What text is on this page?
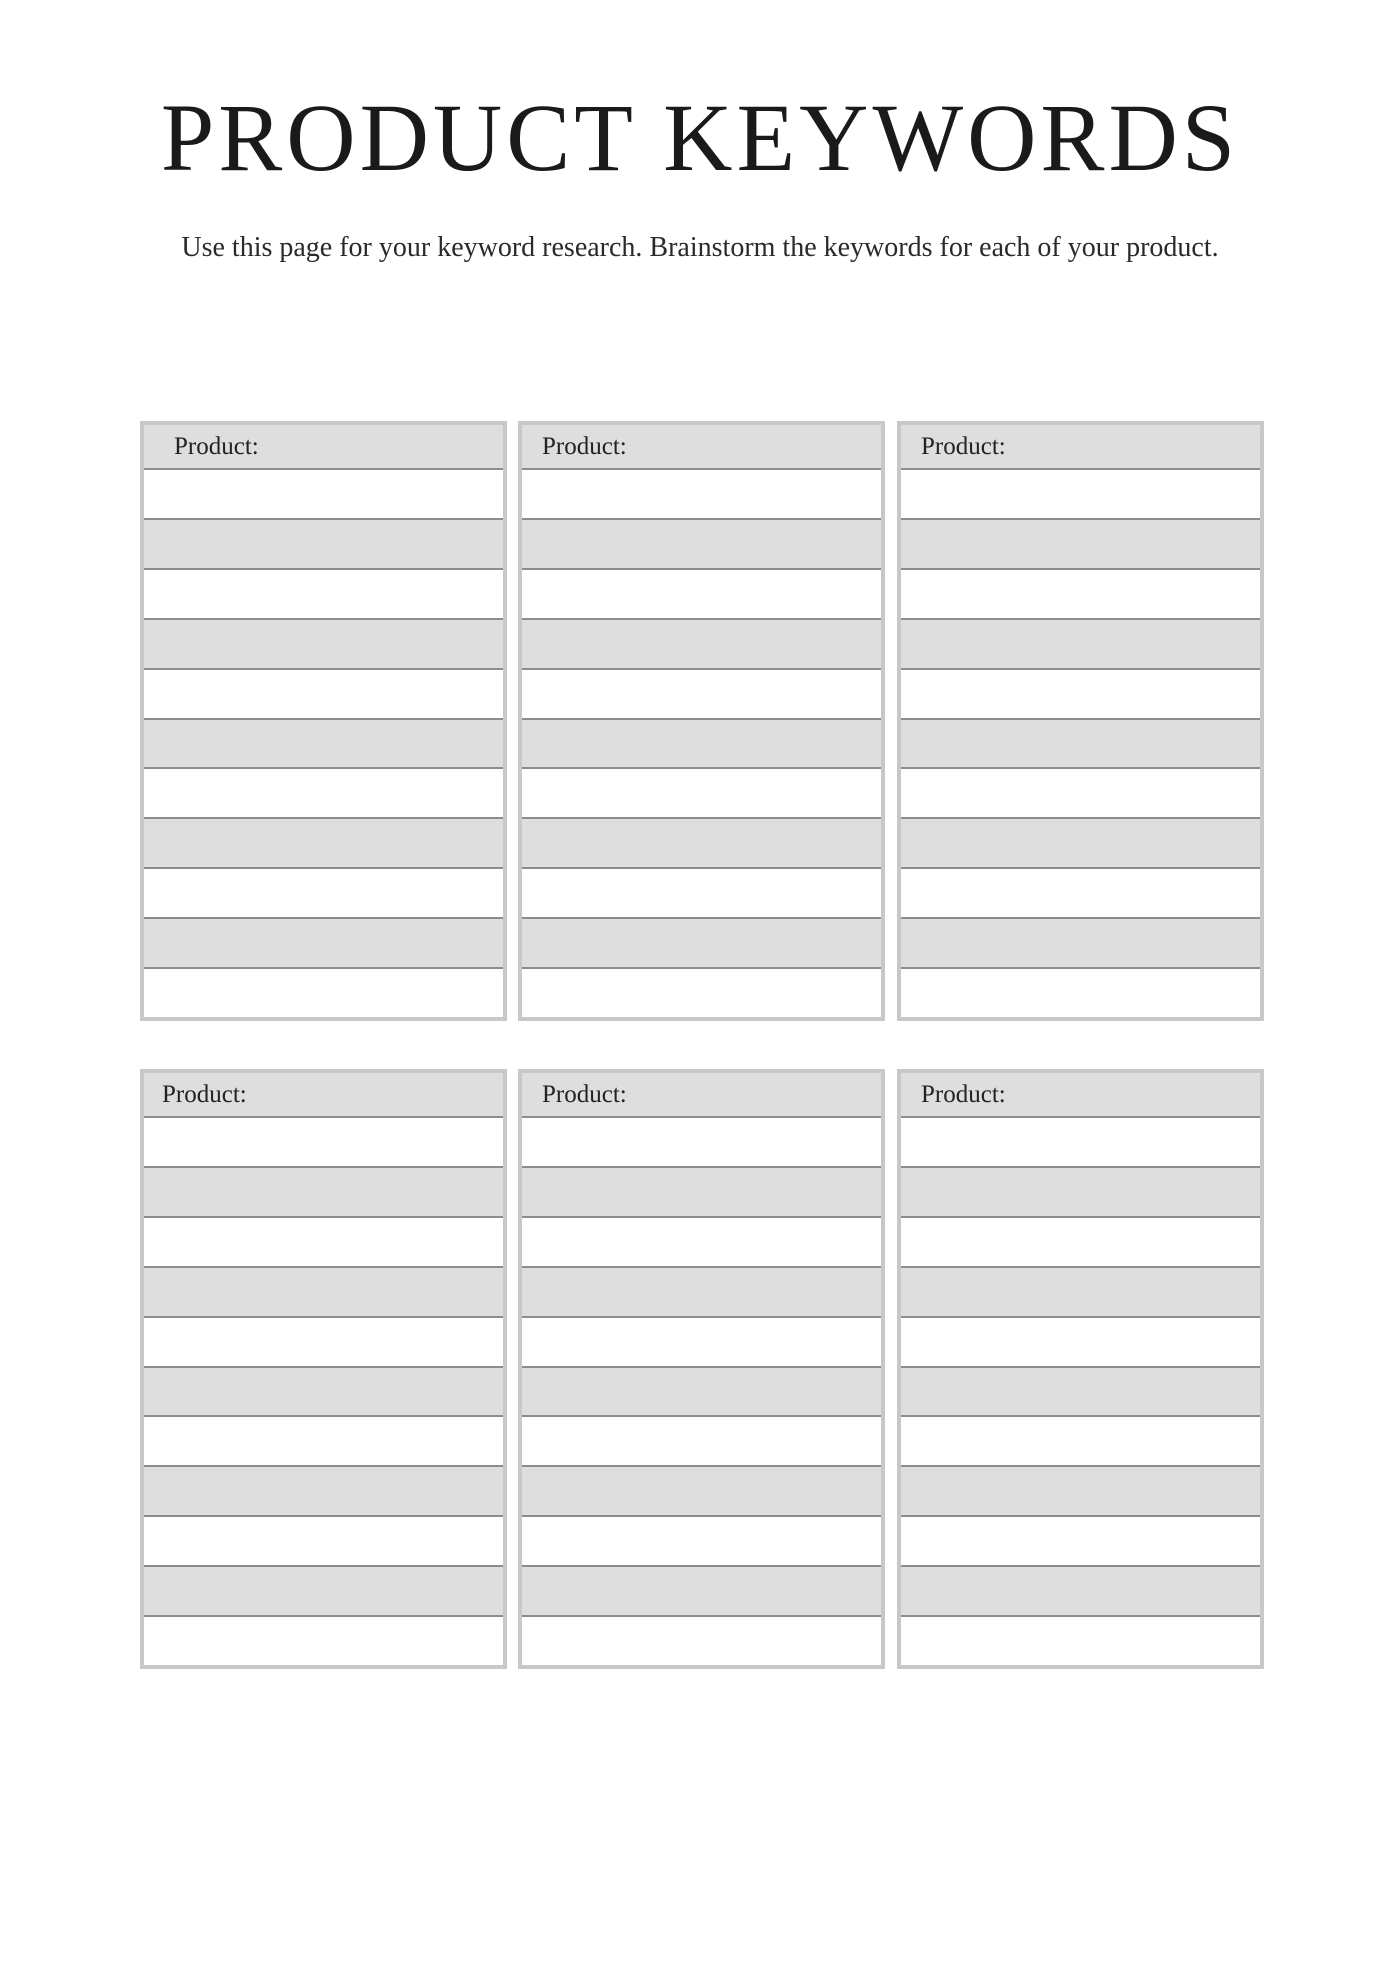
PRODUCT KEYWORDS

Use this page for your keyword research. Brainstorm the keywords for each of your product.

Product:	Product:	Product:
Product:	Product:	Product:
